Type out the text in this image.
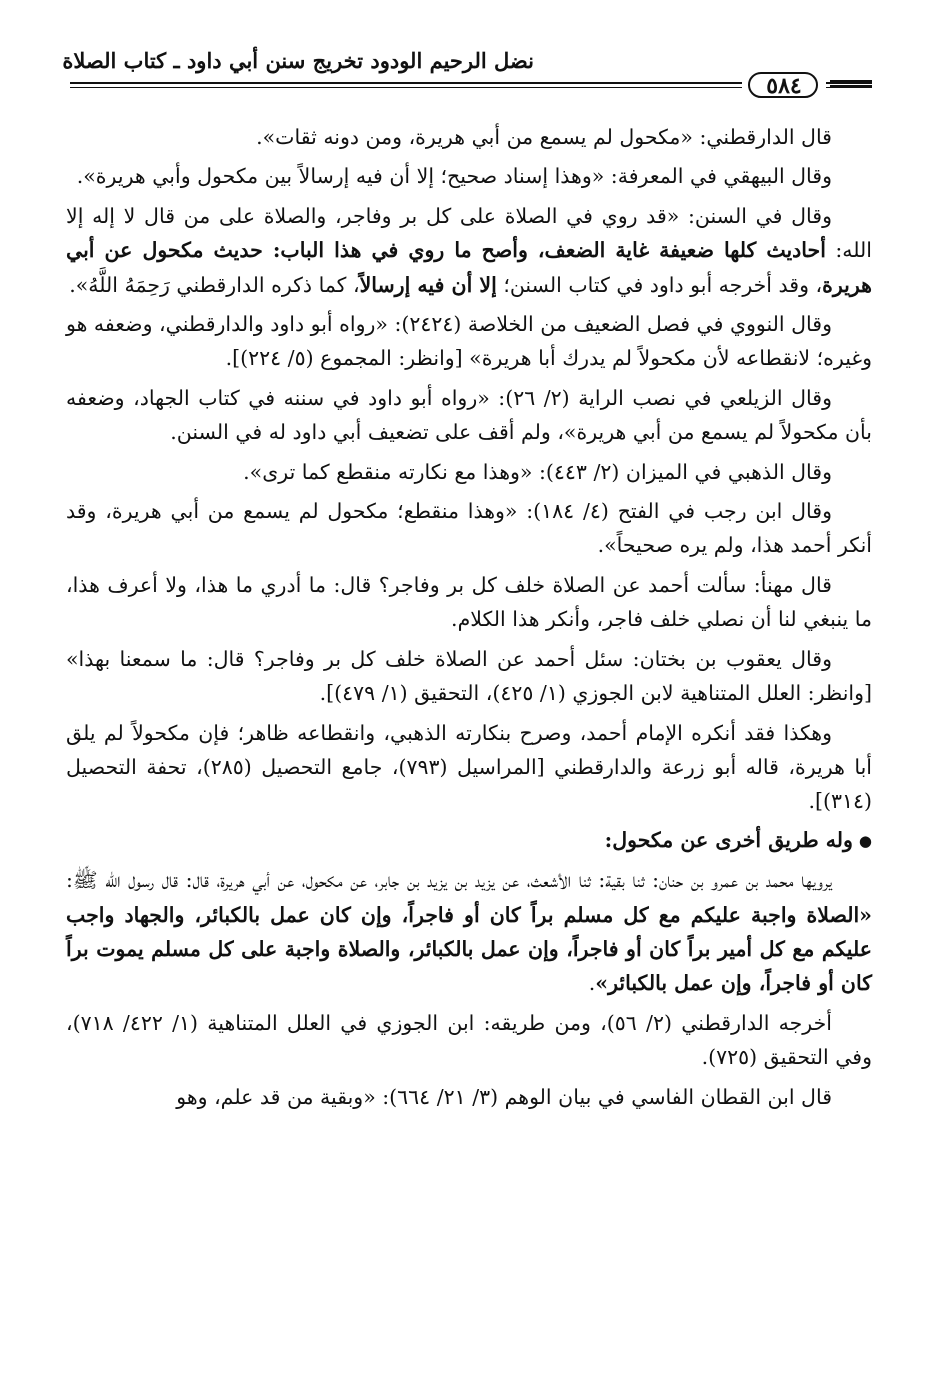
نضل الرحيم الودود تخريج سنن أبي داود ـ كتاب الصلاة
٥٨٤

قال الدارقطني: «مكحول لم يسمع من أبي هريرة، ومن دونه ثقات».

وقال البيهقي في المعرفة: «وهذا إسناد صحيح؛ إلا أن فيه إرسالاً بين مكحول وأبي هريرة».

وقال في السنن: «قد روي في الصلاة على كل بر وفاجر، والصلاة على من قال لا إله إلا الله: أحاديث كلها ضعيفة غاية الضعف، وأصح ما روي في هذا الباب: حديث مكحول عن أبي هريرة، وقد أخرجه أبو داود في كتاب السنن؛ إلا أن فيه إرسالاً، كما ذكره الدارقطني رَحِمَهُ اللَّهُ».

وقال النووي في فصل الضعيف من الخلاصة (٢٤٢٤): «رواه أبو داود والدارقطني، وضعفه هو وغيره؛ لانقطاعه لأن مكحولاً لم يدرك أبا هريرة» [وانظر: المجموع (٥/ ٢٢٤)].

وقال الزيلعي في نصب الراية (٢/ ٢٦): «رواه أبو داود في سننه في كتاب الجهاد، وضعفه بأن مكحولاً لم يسمع من أبي هريرة»، ولم أقف على تضعيف أبي داود له في السنن.

وقال الذهبي في الميزان (٢/ ٤٤٣): «وهذا مع نكارته منقطع كما ترى».

وقال ابن رجب في الفتح (٤/ ١٨٤): «وهذا منقطع؛ مكحول لم يسمع من أبي هريرة، وقد أنكر أحمد هذا، ولم يره صحيحاً».

قال مهنأ: سألت أحمد عن الصلاة خلف كل بر وفاجر؟ قال: ما أدري ما هذا، ولا أعرف هذا، ما ينبغي لنا أن نصلي خلف فاجر، وأنكر هذا الكلام.

وقال يعقوب بن بختان: سئل أحمد عن الصلاة خلف كل بر وفاجر؟ قال: ما سمعنا بهذا» [وانظر: العلل المتناهية لابن الجوزي (١/ ٤٢٥)، التحقيق (١/ ٤٧٩)].

وهكذا فقد أنكره الإمام أحمد، وصرح بنكارته الذهبي، وانقطاعه ظاهر؛ فإن مكحولاً لم يلق أبا هريرة، قاله أبو زرعة والدارقطني [المراسيل (٧٩٣)، جامع التحصيل (٢٨٥)، تحفة التحصيل (٣١٤)].

●وله طريق أخرى عن مكحول:

يرويها محمد بن عمرو بن حنان: ثنا بقية: ثنا الأشعث، عن يزيد بن يزيد بن جابر، عن مكحول، عن أبي هريرة، قال: قال رسول الله ﷺ: «الصلاة واجبة عليكم مع كل مسلم براً كان أو فاجراً، وإن كان عمل بالكبائر، والجهاد واجب عليكم مع كل أمير براً كان أو فاجراً، وإن عمل بالكبائر، والصلاة واجبة على كل مسلم يموت براً كان أو فاجراً، وإن عمل بالكبائر».

أخرجه الدارقطني (٢/ ٥٦)، ومن طريقه: ابن الجوزي في العلل المتناهية (١/ ٤٢٢/ ٧١٨)، وفي التحقيق (٧٢٥).

قال ابن القطان الفاسي في بيان الوهم (٣/ ٢١/ ٦٦٤): «وبقية من قد علم، وهو
